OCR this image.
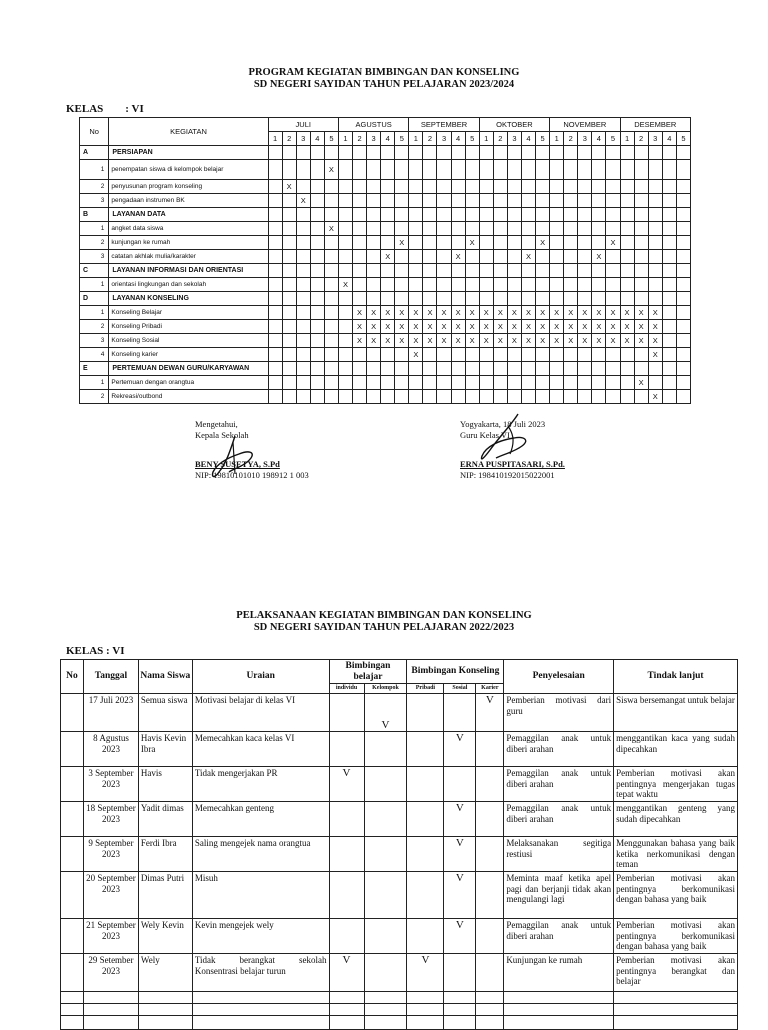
PROGRAM KEGIATAN BIMBINGAN DAN KONSELING
SD NEGERI SAYIDAN TAHUN PELAJARAN 2023/2024
KELAS        : VI
No	KEGIATAN	JULI					AGUSTUS					SEPTEMBER					OKTOBER					NOVEMBER					DESEMBER				
		1	2	3	4	5	1	2	3	4	5	1	2	3	4	5	1	2	3	4	5	1	2	3	4	5	1	2	3	4	5
A	PERSIAPAN																														
1	penempatan siswa di kelompok belajar					X																									
2	penyusunan program konseling		X																												
3	pengadaan instrumen BK			X																											
B	LAYANAN DATA																														
1	angket data siswa					X																									
2	kunjungan ke rumah										X					X					X					X					
3	catatan akhlak mulia/karakter									X					X					X					X						
C	LAYANAN INFORMASI DAN ORIENTASI																														
1	orientasi lingkungan dan sekolah						X																								
D	LAYANAN KONSELING																														
1	Konseling Belajar							X	X	X	X	X	X	X	X	X	X	X	X	X	X	X	X	X	X	X	X	X	X		
2	Konseling Pribadi							X	X	X	X	X	X	X	X	X	X	X	X	X	X	X	X	X	X	X	X	X	X		
3	Konseling Sosial							X	X	X	X	X	X	X	X	X	X	X	X	X	X	X	X	X	X	X	X	X	X		
4	Konseling karier											X																	X		
E	PERTEMUAN DEWAN GURU/KARYAWAN																														
1	Pertemuan dengan orangtua																											X			
2	Rekreasi/outbond																												X		
Mengetahui,
Kepala Sekolah
BENY SUSETYA, S.Pd
NIP: 19810101010 198912 1 003
Yogyakarta, 18 Juli 2023
Guru Kelas VI
ERNA PUSPITASARI, S.Pd.
NIP: 198410192015022001
PELAKSANAAN KEGIATAN BIMBINGAN DAN KONSELING
SD NEGERI SAYIDAN TAHUN PELAJARAN 2022/2023
KELAS : VI
No	Tanggal	Nama Siswa	Uraian	Bimbingan belajar		Bimbingan Konseling			Penyelesaian	Tindak lanjut
				individu	Kelompok	Pribadi	Sosial	Karier		
	17 Juli 2023	Semua siswa	Motivasi belajar di kelas VI		V			V	Pemberian motivasi dari guru	Siswa bersemangat untuk belajar
	8 Agustus 2023	Havis Kevin Ibra	Memecahkan kaca kelas VI				V		Pemaggilan anak untuk diberi arahan	menggantikan kaca yang sudah dipecahkan
	3 September 2023	Havis	Tidak mengerjakan PR	V					Pemaggilan anak untuk diberi arahan	Pemberian motivasi akan pentingnya mengerjakan tugas tepat waktu
	18 September 2023	Yadit dimas	Memecahkan genteng				V		Pemaggilan anak untuk diberi arahan	menggantikan genteng yang sudah dipecahkan
	9 September 2023	Ferdi Ibra	Saling mengejek nama orangtua				V		Melaksanakan segitiga restiusi	Menggunakan bahasa yang baik ketika nerkomunikasi dengan teman
	20 September 2023	Dimas Putri	Misuh				V		Meminta maaf ketika apel pagi dan berjanji tidak akan mengulangi lagi	Pemberian motivasi akan pentingnya berkomunikasi dengan bahasa yang baik
	21 September 2023	Wely Kevin	Kevin mengejek wely				V		Pemaggilan anak untuk diberi arahan	Pemberian motivasi akan pentingnya berkomunikasi dengan bahasa yang baik
	29 Setember 2023	Wely	Tidak berangkat sekolah Konsentrasi belajar turun	V		V			Kunjungan ke rumah	Pemberian motivasi akan pentingnya berangkat dan belajar
